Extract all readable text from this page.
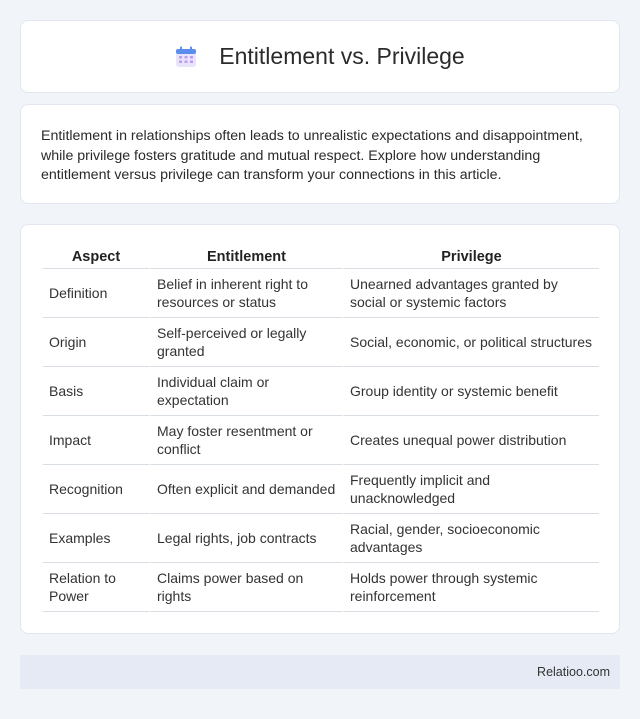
Entitlement vs. Privilege

Entitlement in relationships often leads to unrealistic expectations and disappointment, while privilege fosters gratitude and mutual respect. Explore how understanding entitlement versus privilege can transform your connections in this article.

Aspect	Entitlement	Privilege
Definition	Belief in inherent right to resources or status	Unearned advantages granted by social or systemic factors
Origin	Self-perceived or legally granted	Social, economic, or political structures
Basis	Individual claim or expectation	Group identity or systemic benefit
Impact	May foster resentment or conflict	Creates unequal power distribution
Recognition	Often explicit and demanded	Frequently implicit and unacknowledged
Examples	Legal rights, job contracts	Racial, gender, socioeconomic advantages
Relation to Power	Claims power based on rights	Holds power through systemic reinforcement
Relatioo.com
